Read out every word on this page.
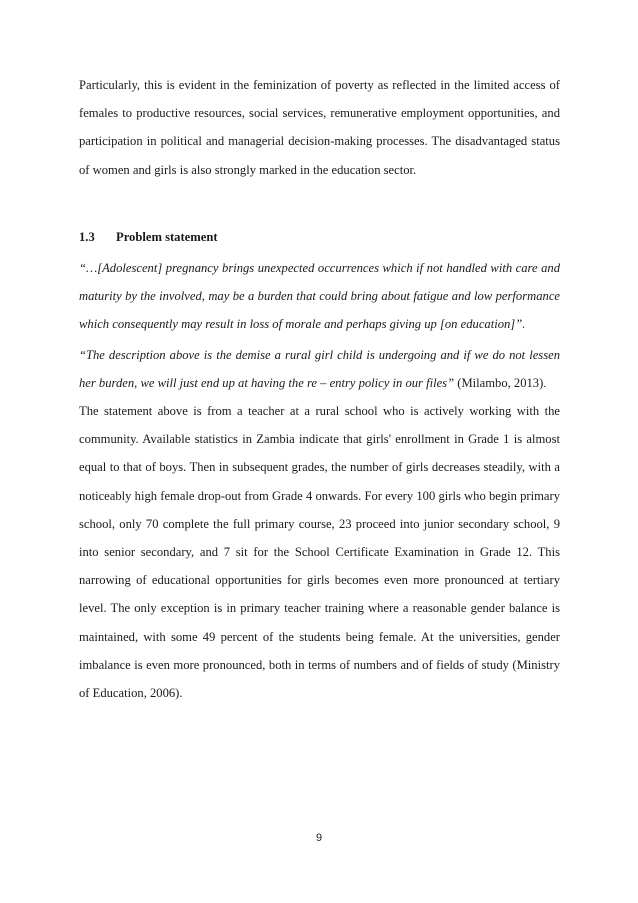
Particularly, this is evident in the feminization of poverty as reflected in the limited access of females to productive resources, social services, remunerative employment opportunities, and participation in political and managerial decision-making processes. The disadvantaged status of women and girls is also strongly marked in the education sector.

1.3 Problem statement

“…[Adolescent] pregnancy brings unexpected occurrences which if not handled with care and maturity by the involved, may be a burden that could bring about fatigue and low performance which consequently may result in loss of morale and perhaps giving up [on education]”.

“The description above is the demise a rural girl child is undergoing and if we do not lessen her burden, we will just end up at having the re – entry policy in our files” (Milambo, 2013).

The statement above is from a teacher at a rural school who is actively working with the community. Available statistics in Zambia indicate that girls' enrollment in Grade 1 is almost equal to that of boys. Then in subsequent grades, the number of girls decreases steadily, with a noticeably high female drop-out from Grade 4 onwards. For every 100 girls who begin primary school, only 70 complete the full primary course, 23 proceed into junior secondary school, 9 into senior secondary, and 7 sit for the School Certificate Examination in Grade 12. This narrowing of educational opportunities for girls becomes even more pronounced at tertiary level. The only exception is in primary teacher training where a reasonable gender balance is maintained, with some 49 percent of the students being female. At the universities, gender imbalance is even more pronounced, both in terms of numbers and of fields of study (Ministry of Education, 2006).

9
